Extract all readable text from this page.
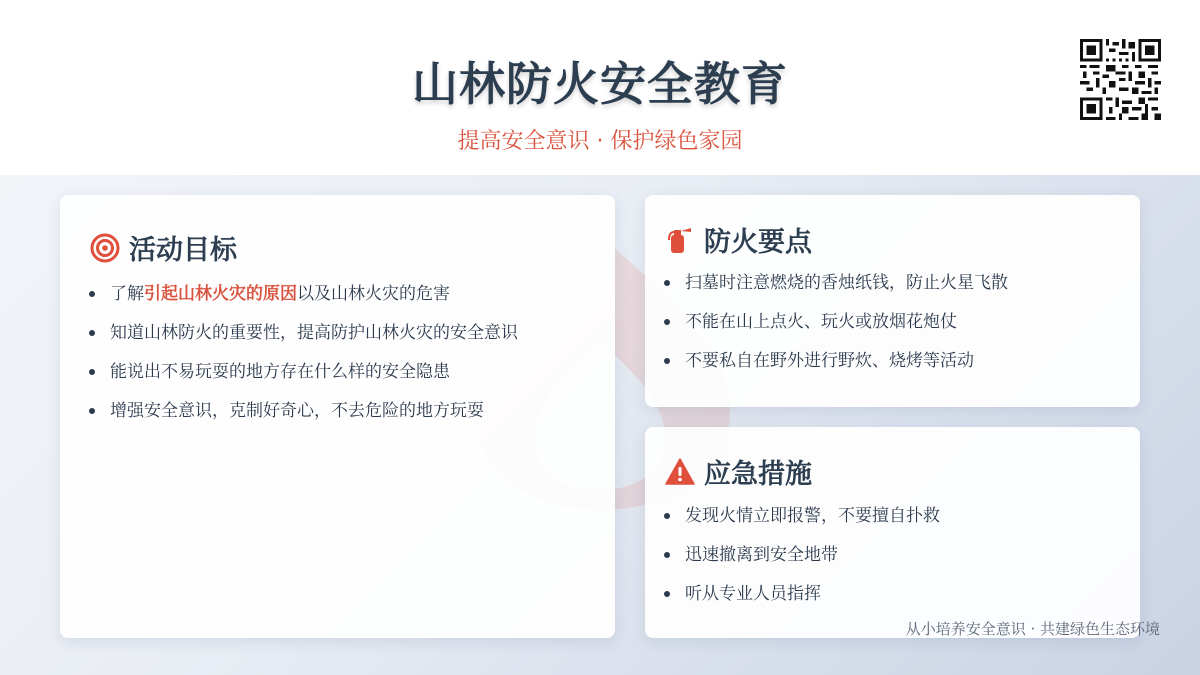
山林防火安全教育
提高安全意识 · 保护绿色家园
活动目标
了解引起山林火灾的原因以及山林火灾的危害
知道山林防火的重要性，提高防护山林火灾的安全意识
能说出不易玩耍的地方存在什么样的安全隐患
增强安全意识，克制好奇心，不去危险的地方玩耍
防火要点
扫墓时注意燃烧的香烛纸钱，防止火星飞散
不能在山上点火、玩火或放烟花炮仗
不要私自在野外进行野炊、烧烤等活动
应急措施
发现火情立即报警，不要擅自扑救
迅速撤离到安全地带
听从专业人员指挥
从小培养安全意识 · 共建绿色生态环境
